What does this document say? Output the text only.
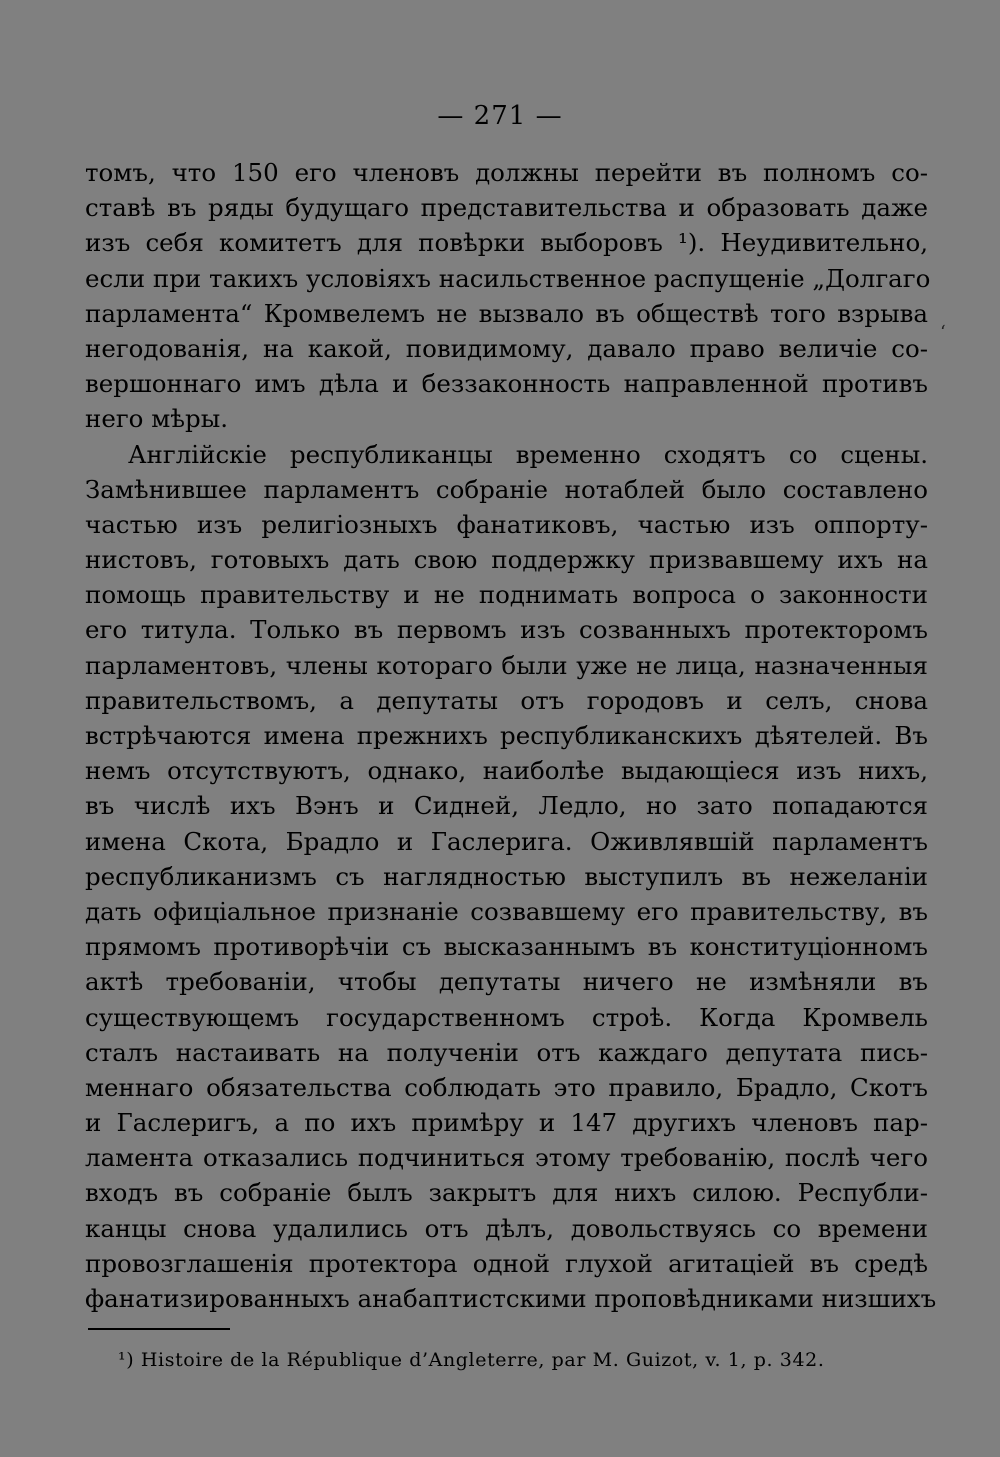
— 271 —
томъ, что 150 его членовъ должны перейти въ полномъ со-
ставѣ въ ряды будущаго представительства и образовать даже
изъ себя комитетъ для повѣрки выборовъ ¹). Неудивительно,
если при такихъ условіяхъ насильственное распущеніе „Долгаго
парламента“ Кромвелемъ не вызвало въ обществѣ того взрыва
негодованія, на какой, повидимому, давало право величіе со-
вершоннаго имъ дѣла и беззаконность направленной противъ
него мѣры.
Англійскіе республиканцы временно сходятъ со сцены.
Замѣнившее парламентъ собраніе нотаблей было составлено
частью изъ религіозныхъ фанатиковъ, частью изъ оппорту-
нистовъ, готовыхъ дать свою поддержку призвавшему ихъ на
помощь правительству и не поднимать вопроса о законности
его титула. Только въ первомъ изъ созванныхъ протекторомъ
парламентовъ, члены котораго были уже не лица, назначенныя
правительствомъ, а депутаты отъ городовъ и селъ, снова
встрѣчаются имена прежнихъ республиканскихъ дѣятелей. Въ
немъ отсутствуютъ, однако, наиболѣе выдающіеся изъ нихъ,
въ числѣ ихъ Вэнъ и Сидней, Ледло, но зато попадаются
имена Скота, Брадло и Гаслерига. Оживлявшій парламентъ
республиканизмъ съ наглядностью выступилъ въ нежеланіи
дать офиціальное признаніе созвавшему его правительству, въ
прямомъ противорѣчіи съ высказаннымъ въ конституціонномъ
актѣ требованіи, чтобы депутаты ничего не измѣняли въ
существующемъ государственномъ строѣ. Когда Кромвель
сталъ настаивать на полученіи отъ каждаго депутата пись-
меннаго обязательства соблюдать это правило, Брадло, Скотъ
и Гаслеригъ, а по ихъ примѣру и 147 другихъ членовъ пар-
ламента отказались подчиниться этому требованію, послѣ чего
входъ въ собраніе былъ закрытъ для нихъ силою. Республи-
канцы снова удалились отъ дѣлъ, довольствуясь со времени
провозглашенія протектора одной глухой агитаціей въ средѣ
фанатизированныхъ анабаптистскими проповѣдниками низшихъ
ʻ
¹) Histoire de la République d’Angleterre, par M. Guizot, v. 1, p. 342.
